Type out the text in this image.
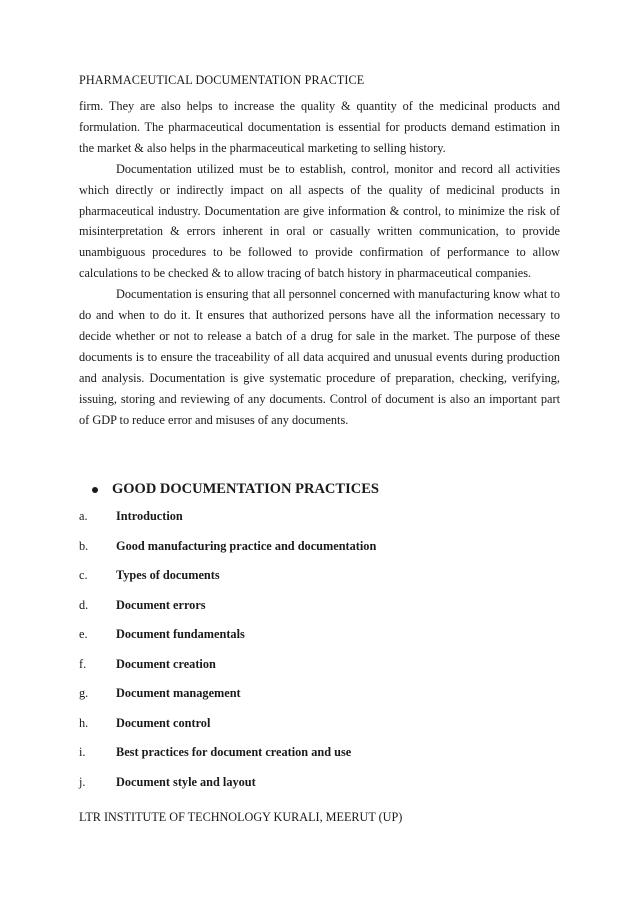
PHARMACEUTICAL DOCUMENTATION PRACTICE

firm. They are also helps to increase the quality & quantity of the medicinal products and formulation. The pharmaceutical documentation is essential for products demand estimation in the market & also helps in the pharmaceutical marketing to selling history.

Documentation utilized must be to establish, control, monitor and record all activities which directly or indirectly impact on all aspects of the quality of medicinal products in pharmaceutical industry. Documentation are give information & control, to minimize the risk of misinterpretation & errors inherent in oral or casually written communication, to provide unambiguous procedures to be followed to provide confirmation of performance to allow calculations to be checked & to allow tracing of batch history in pharmaceutical companies.

Documentation is ensuring that all personnel concerned with manufacturing know what to do and when to do it. It ensures that authorized persons have all the information necessary to decide whether or not to release a batch of a drug for sale in the market. The purpose of these documents is to ensure the traceability of all data acquired and unusual events during production and analysis. Documentation is give systematic procedure of preparation, checking, verifying, issuing, storing and reviewing of any documents. Control of document is also an important part of GDP to reduce error and misuses of any documents.

GOOD DOCUMENTATION PRACTICES
a.	Introduction
b.	Good manufacturing practice and documentation
c.	Types of documents
d.	Document errors
e.	Document fundamentals
f.	Document creation
g.	Document management
h.	Document control
i.	Best practices for document creation and use
j.	Document style and layout
LTR INSTITUTE OF TECHNOLOGY KURALI, MEERUT (UP)
